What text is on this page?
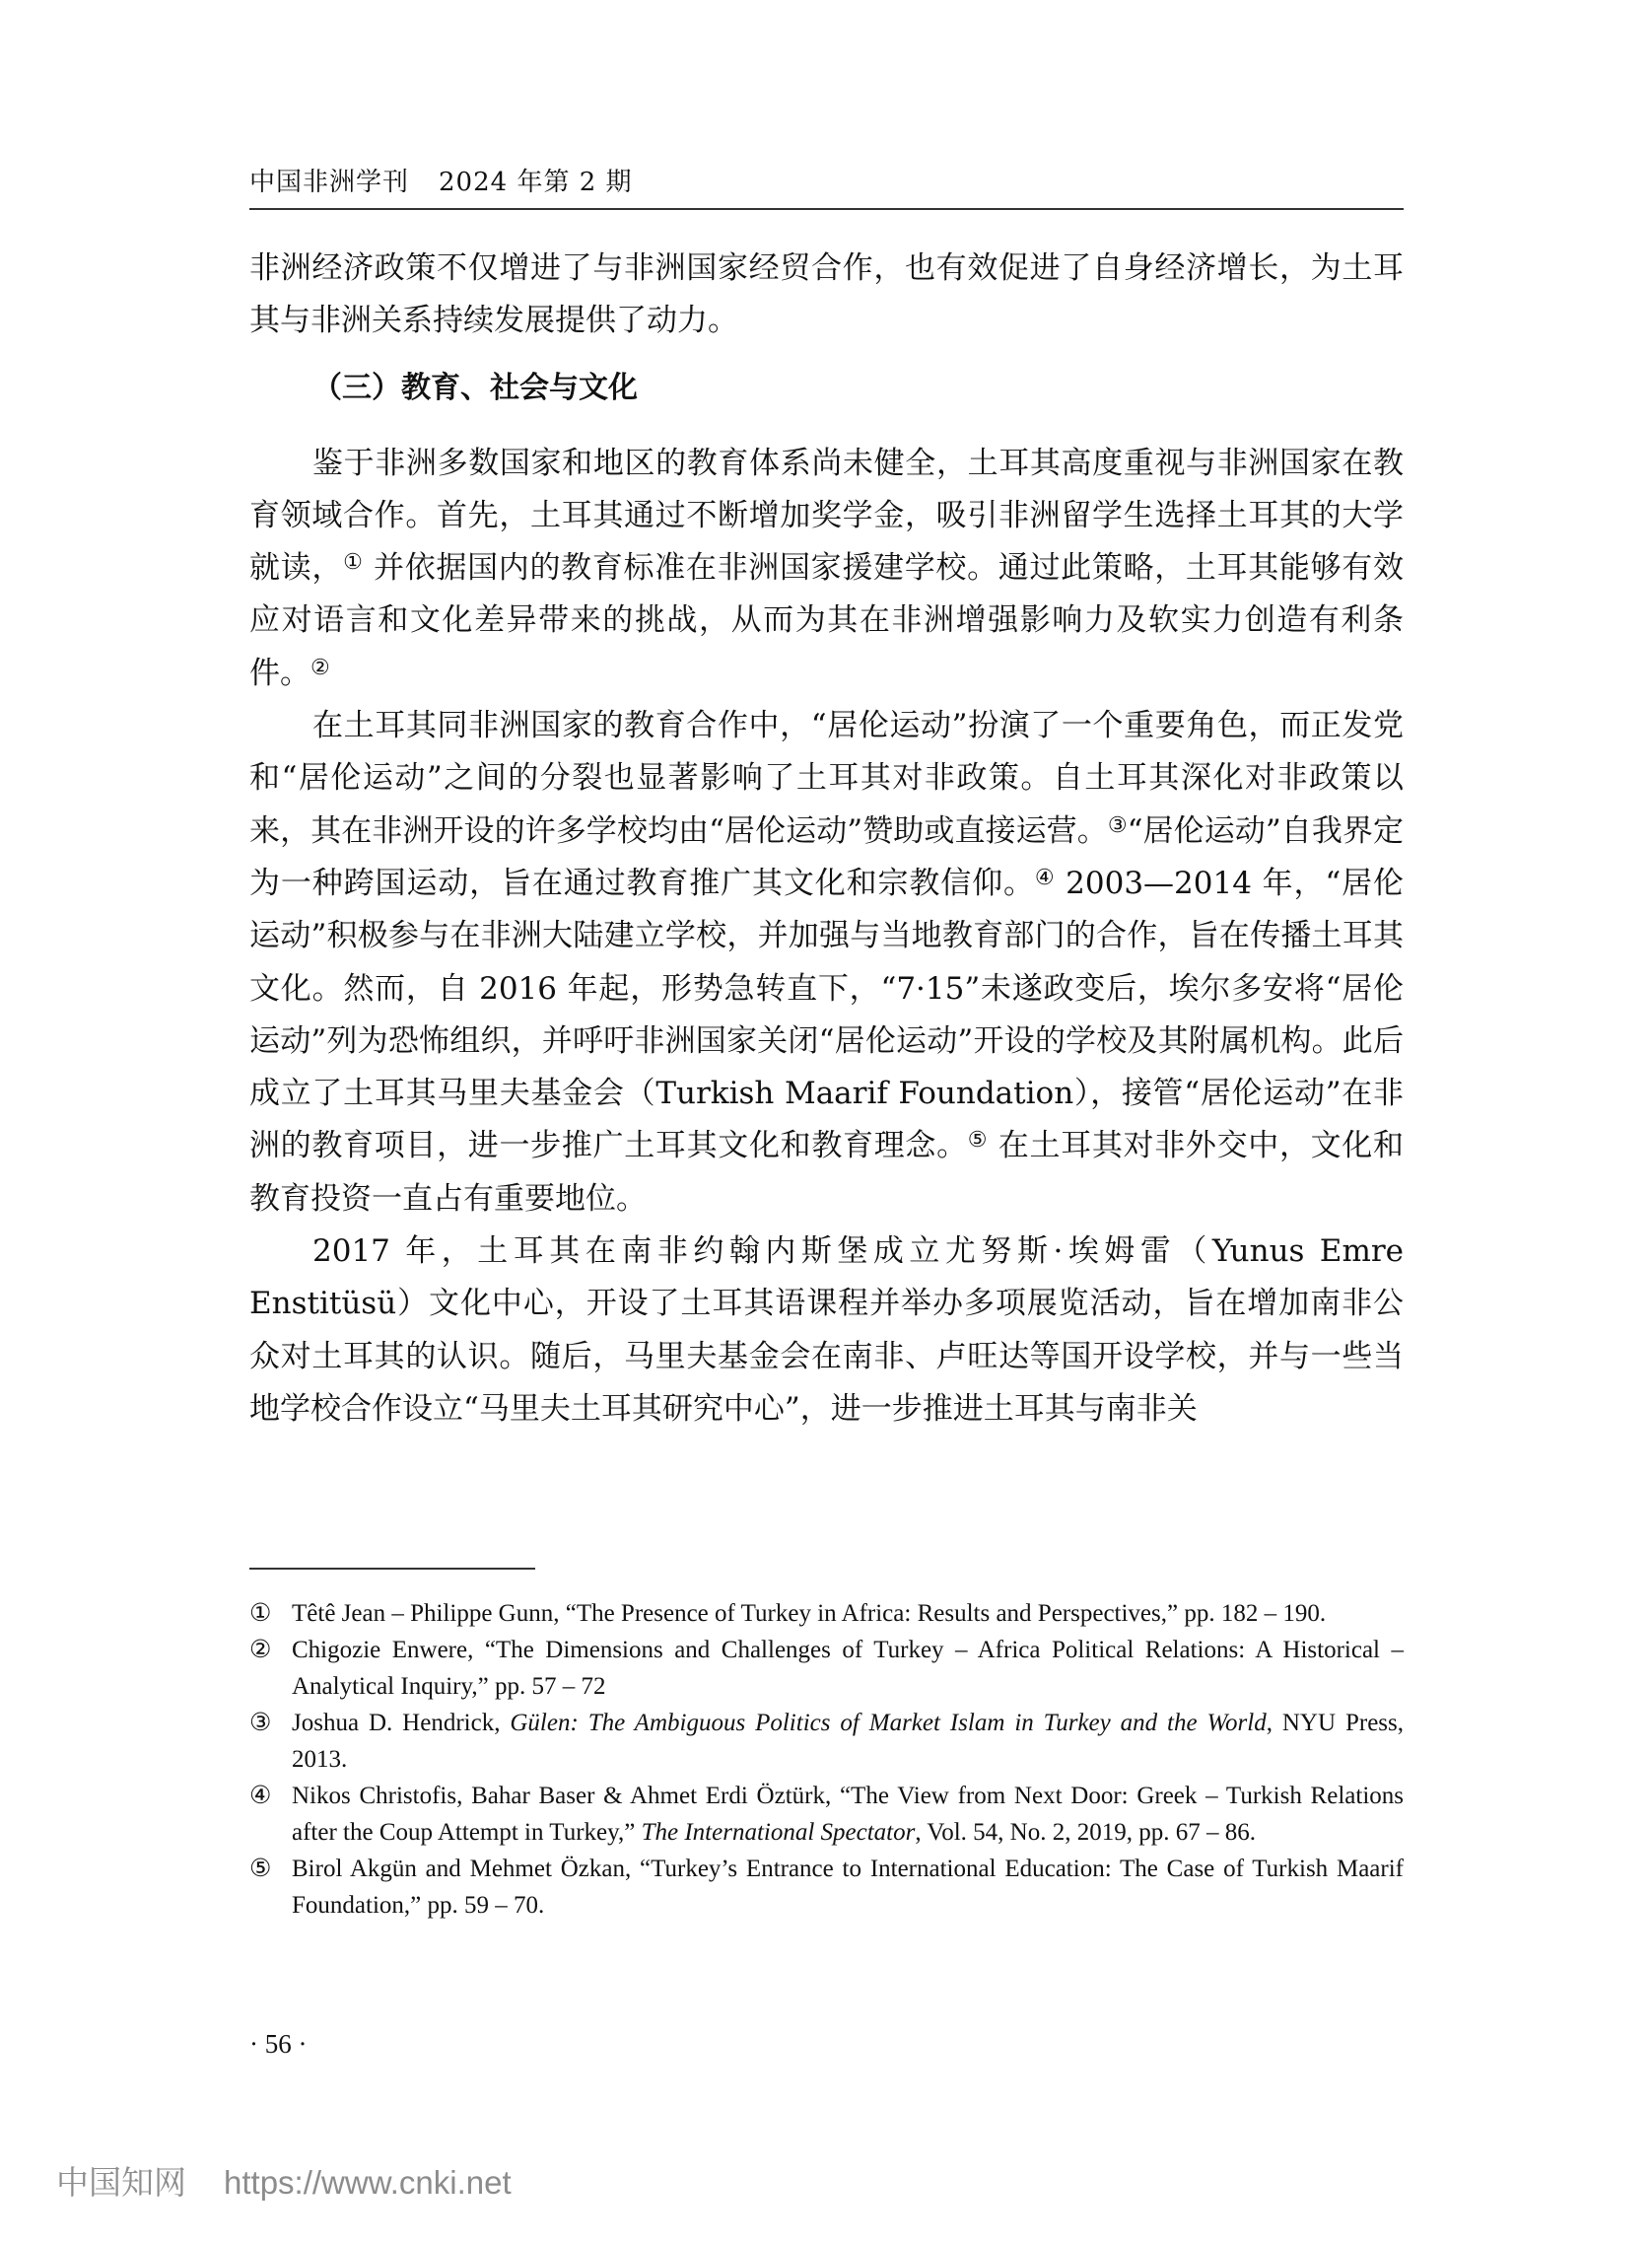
中国非洲学刊 2024 年第 2 期

非洲经济政策不仅增进了与非洲国家经贸合作，也有效促进了自身经济增长，为土耳其与非洲关系持续发展提供了动力。

（三）教育、社会与文化

鉴于非洲多数国家和地区的教育体系尚未健全，土耳其高度重视与非洲国家在教育领域合作。首先，土耳其通过不断增加奖学金，吸引非洲留学生选择土耳其的大学就读，① 并依据国内的教育标准在非洲国家援建学校。通过此策略，土耳其能够有效应对语言和文化差异带来的挑战，从而为其在非洲增强影响力及软实力创造有利条件。②

在土耳其同非洲国家的教育合作中，“居伦运动”扮演了一个重要角色，而正发党和“居伦运动”之间的分裂也显著影响了土耳其对非政策。自土耳其深化对非政策以来，其在非洲开设的许多学校均由“居伦运动”赞助或直接运营。③“居伦运动”自我界定为一种跨国运动，旨在通过教育推广其文化和宗教信仰。④ 2003—2014 年，“居伦运动”积极参与在非洲大陆建立学校，并加强与当地教育部门的合作，旨在传播土耳其文化。然而，自 2016 年起，形势急转直下，“7·15”未遂政变后，埃尔多安将“居伦运动”列为恐怖组织，并呼吁非洲国家关闭“居伦运动”开设的学校及其附属机构。此后成立了土耳其马里夫基金会（Turkish Maarif Foundation），接管“居伦运动”在非洲的教育项目，进一步推广土耳其文化和教育理念。⑤ 在土耳其对非外交中，文化和教育投资一直占有重要地位。

2017 年，土耳其在南非约翰内斯堡成立尤努斯·埃姆雷（Yunus Emre Enstitüsü）文化中心，开设了土耳其语课程并举办多项展览活动，旨在增加南非公众对土耳其的认识。随后，马里夫基金会在南非、卢旺达等国开设学校，并与一些当地学校合作设立“马里夫土耳其研究中心”，进一步推进土耳其与南非关

① Têtê Jean – Philippe Gunn, “The Presence of Turkey in Africa: Results and Perspectives,” pp. 182 – 190.
② Chigozie Enwere, “The Dimensions and Challenges of Turkey – Africa Political Relations: A Historical – Analytical Inquiry,” pp. 57 – 72
③ Joshua D. Hendrick, Gülen: The Ambiguous Politics of Market Islam in Turkey and the World, NYU Press, 2013.
④ Nikos Christofis, Bahar Baser & Ahmet Erdi Öztürk, “The View from Next Door: Greek – Turkish Relations after the Coup Attempt in Turkey,” The International Spectator, Vol. 54, No. 2, 2019, pp. 67 – 86.
⑤ Birol Akgün and Mehmet Özkan, “Turkey’s Entrance to International Education: The Case of Turkish Maarif Foundation,” pp. 59 – 70.
· 56 ·
中国知网 https://www.cnki.net
